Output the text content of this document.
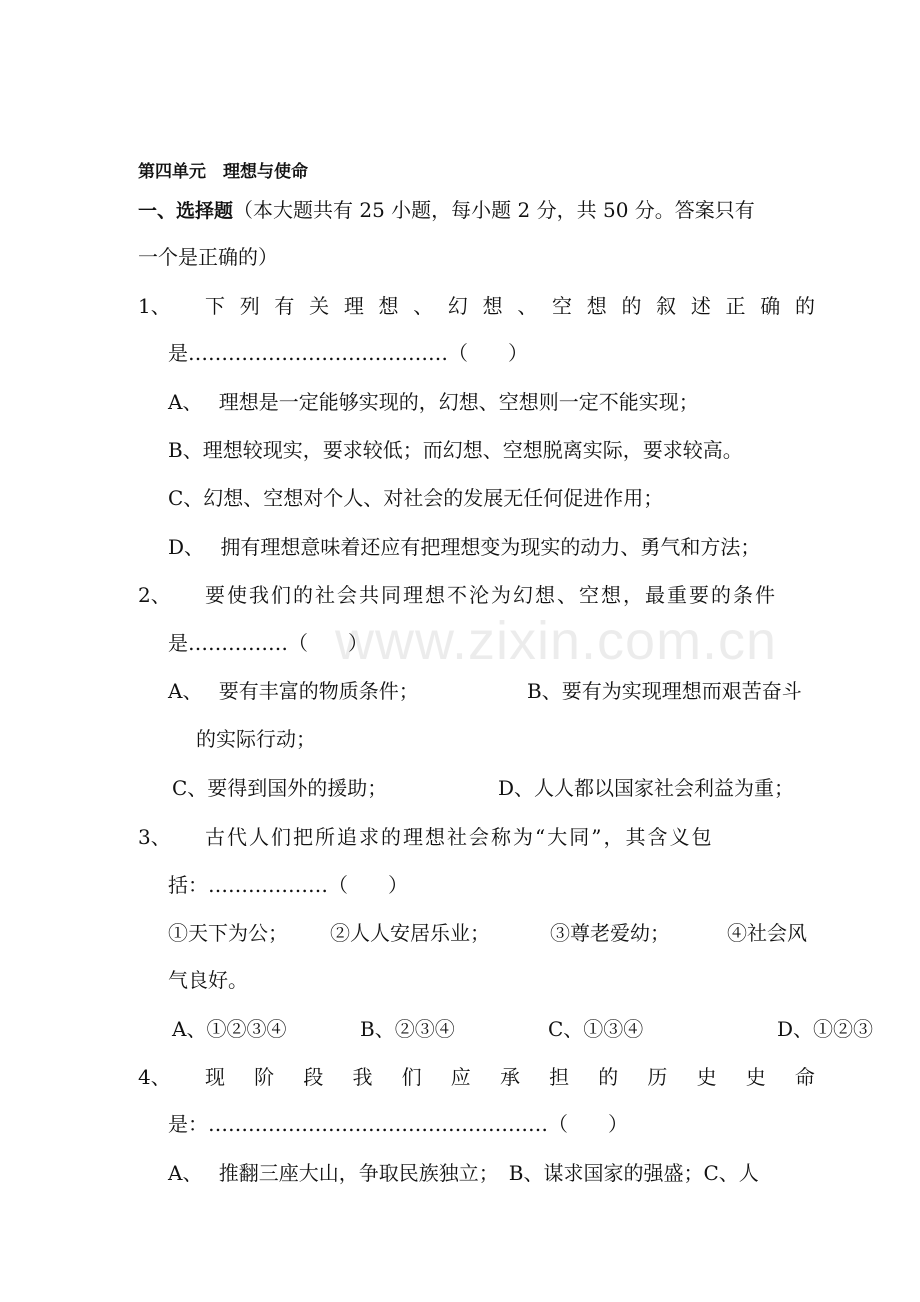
www.zixin.com.cn
第四单元　理想与使命
一、选择题（本大题共有 25 小题，每小题 2 分，共 50 分。答案只有
一个是正确的）
1、 下 列 有 关 理 想 、 幻 想 、 空 想 的 叙 述 正 确 的
是…………………………………（　　）
A、　 理想是一定能够实现的，幻想、空想则一定不能实现；
B、理想较现实，要求较低；而幻想、空想脱离实际，要求较高。
C、幻想、空想对个人、对社会的发展无任何促进作用；
D、　 拥有理想意味着还应有把理想变为现实的动力、勇气和方法；
2、 要使我们的社会共同理想不沦为幻想、空想，最重要的条件
是……………（　　）
A、　 要有丰富的物质条件；	B、要有为实现理想而艰苦奋斗
的实际行动；
C、要得到国外的援助；	D、人人都以国家社会利益为重；
3、 古代人们把所追求的理想社会称为“大同”，其含义包
括：………………（　　）
①天下为公； ②人人安居乐业；	③尊老爱幼；	④社会风
气良好。
A、①②③④	B、②③④	C、①③④	D、①②③
4、 现 阶 段 我 们 应 承 担 的 历 史 史 命
是：……………………………………………（　　）
A、　 推翻三座大山，争取民族独立；　B、谋求国家的强盛；C、人
